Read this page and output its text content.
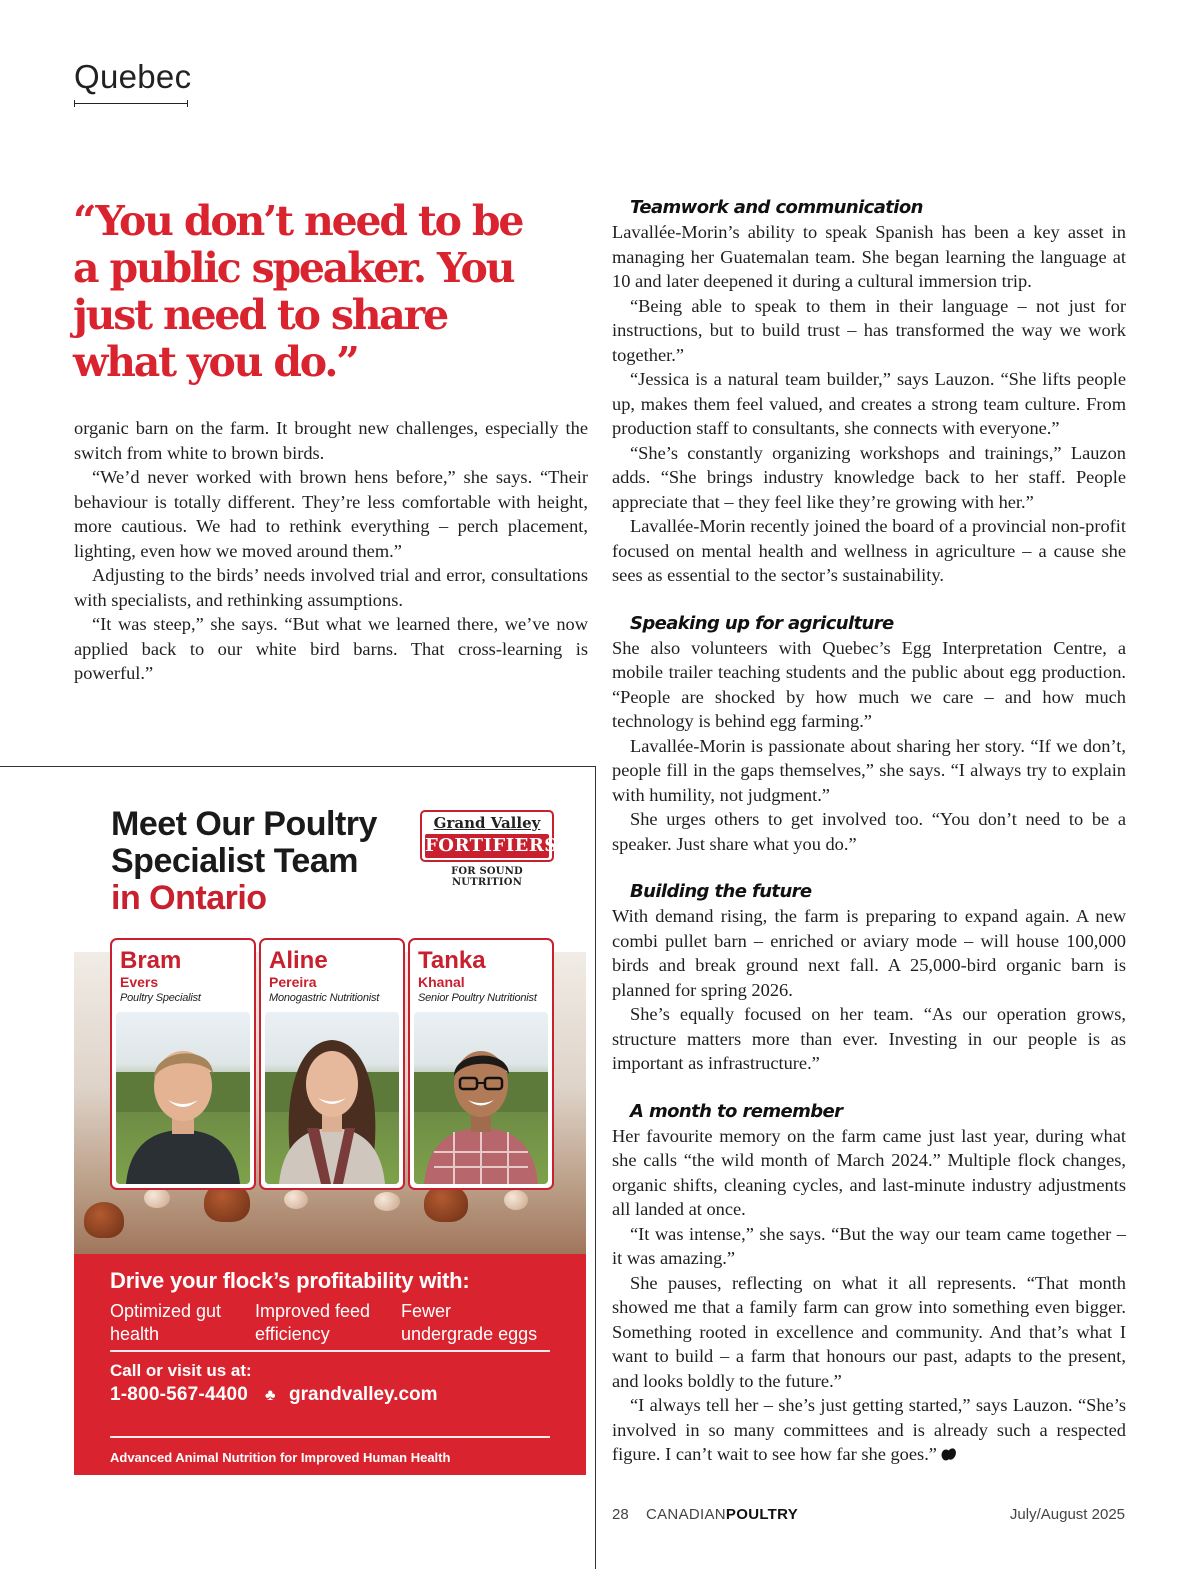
Quebec
“You don’t need to be
a public speaker. You
just need to share
what you do.”

organic barn on the farm. It brought new challenges, especially the switch from white to brown birds.

“We’d never worked with brown hens before,” she says. “Their behaviour is totally different. They’re less comfortable with height, more cautious. We had to rethink everything – perch placement, lighting, even how we moved around them.”

Adjusting to the birds’ needs involved trial and error, consultations with specialists, and rethinking assumptions.

“It was steep,” she says. “But what we learned there, we’ve now applied back to our white bird barns. That cross-learning is powerful.”

Teamwork and communication

Lavallée-Morin’s ability to speak Spanish has been a key asset in managing her Guatemalan team. She began learning the language at 10 and later deepened it during a cultural immersion trip.

“Being able to speak to them in their language – not just for instructions, but to build trust – has transformed the way we work together.”

“Jessica is a natural team builder,” says Lauzon. “She lifts people up, makes them feel valued, and creates a strong team culture. From production staff to consultants, she connects with everyone.”

“She’s constantly organizing workshops and trainings,” Lauzon adds. “She brings industry knowledge back to her staff. People appreciate that – they feel like they’re growing with her.”

Lavallée-Morin recently joined the board of a provincial non-profit focused on mental health and wellness in agriculture – a cause she sees as essential to the sector’s sustainability.

Speaking up for agriculture

She also volunteers with Quebec’s Egg Interpretation Centre, a mobile trailer teaching students and the public about egg production. “People are shocked by how much we care – and how much technology is behind egg farming.”

Lavallée-Morin is passionate about sharing her story. “If we don’t, people fill in the gaps themselves,” she says. “I always try to explain with humility, not judgment.”

She urges others to get involved too. “You don’t need to be a speaker. Just share what you do.”

Building the future

With demand rising, the farm is preparing to expand again. A new combi pullet barn – enriched or aviary mode – will house 100,000 birds and break ground next fall. A 25,000-bird organic barn is planned for spring 2026.

She’s equally focused on her team. “As our operation grows, structure matters more than ever. Investing in our people is as important as infrastructure.”

A month to remember

Her favourite memory on the farm came just last year, during what she calls “the wild month of March 2024.” Multiple flock changes, organic shifts, cleaning cycles, and last-minute industry adjustments all landed at once.

“It was intense,” she says. “But the way our team came together – it was amazing.”

She pauses, reflecting on what it all represents. “That month showed me that a family farm can grow into something even bigger. Something rooted in excellence and community. And that’s what I want to build – a farm that honours our past, adapts to the present, and looks boldly to the future.”

“I always tell her – she’s just getting started,” says Lauzon. “She’s involved in so many committees and is already such a respected figure. I can’t wait to see how far she goes.”

Meet Our Poultry
Specialist Team
in Ontario
Grand Valley
FORTIFIERS
FOR SOUND NUTRITION
Bram
Evers
Poultry Specialist
Aline
Pereira
Monogastric Nutritionist
Tanka
Khanal
Senior Poultry Nutritionist
Drive your flock’s profitability with:
Optimized gut health
Improved feed efficiency
Fewer undergrade eggs
Call or visit us at:
1-800-567-4400 ♣ grandvalley.com
Advanced Animal Nutrition for Improved Human Health
28 CANADIANPOULTRY	July/August 2025
